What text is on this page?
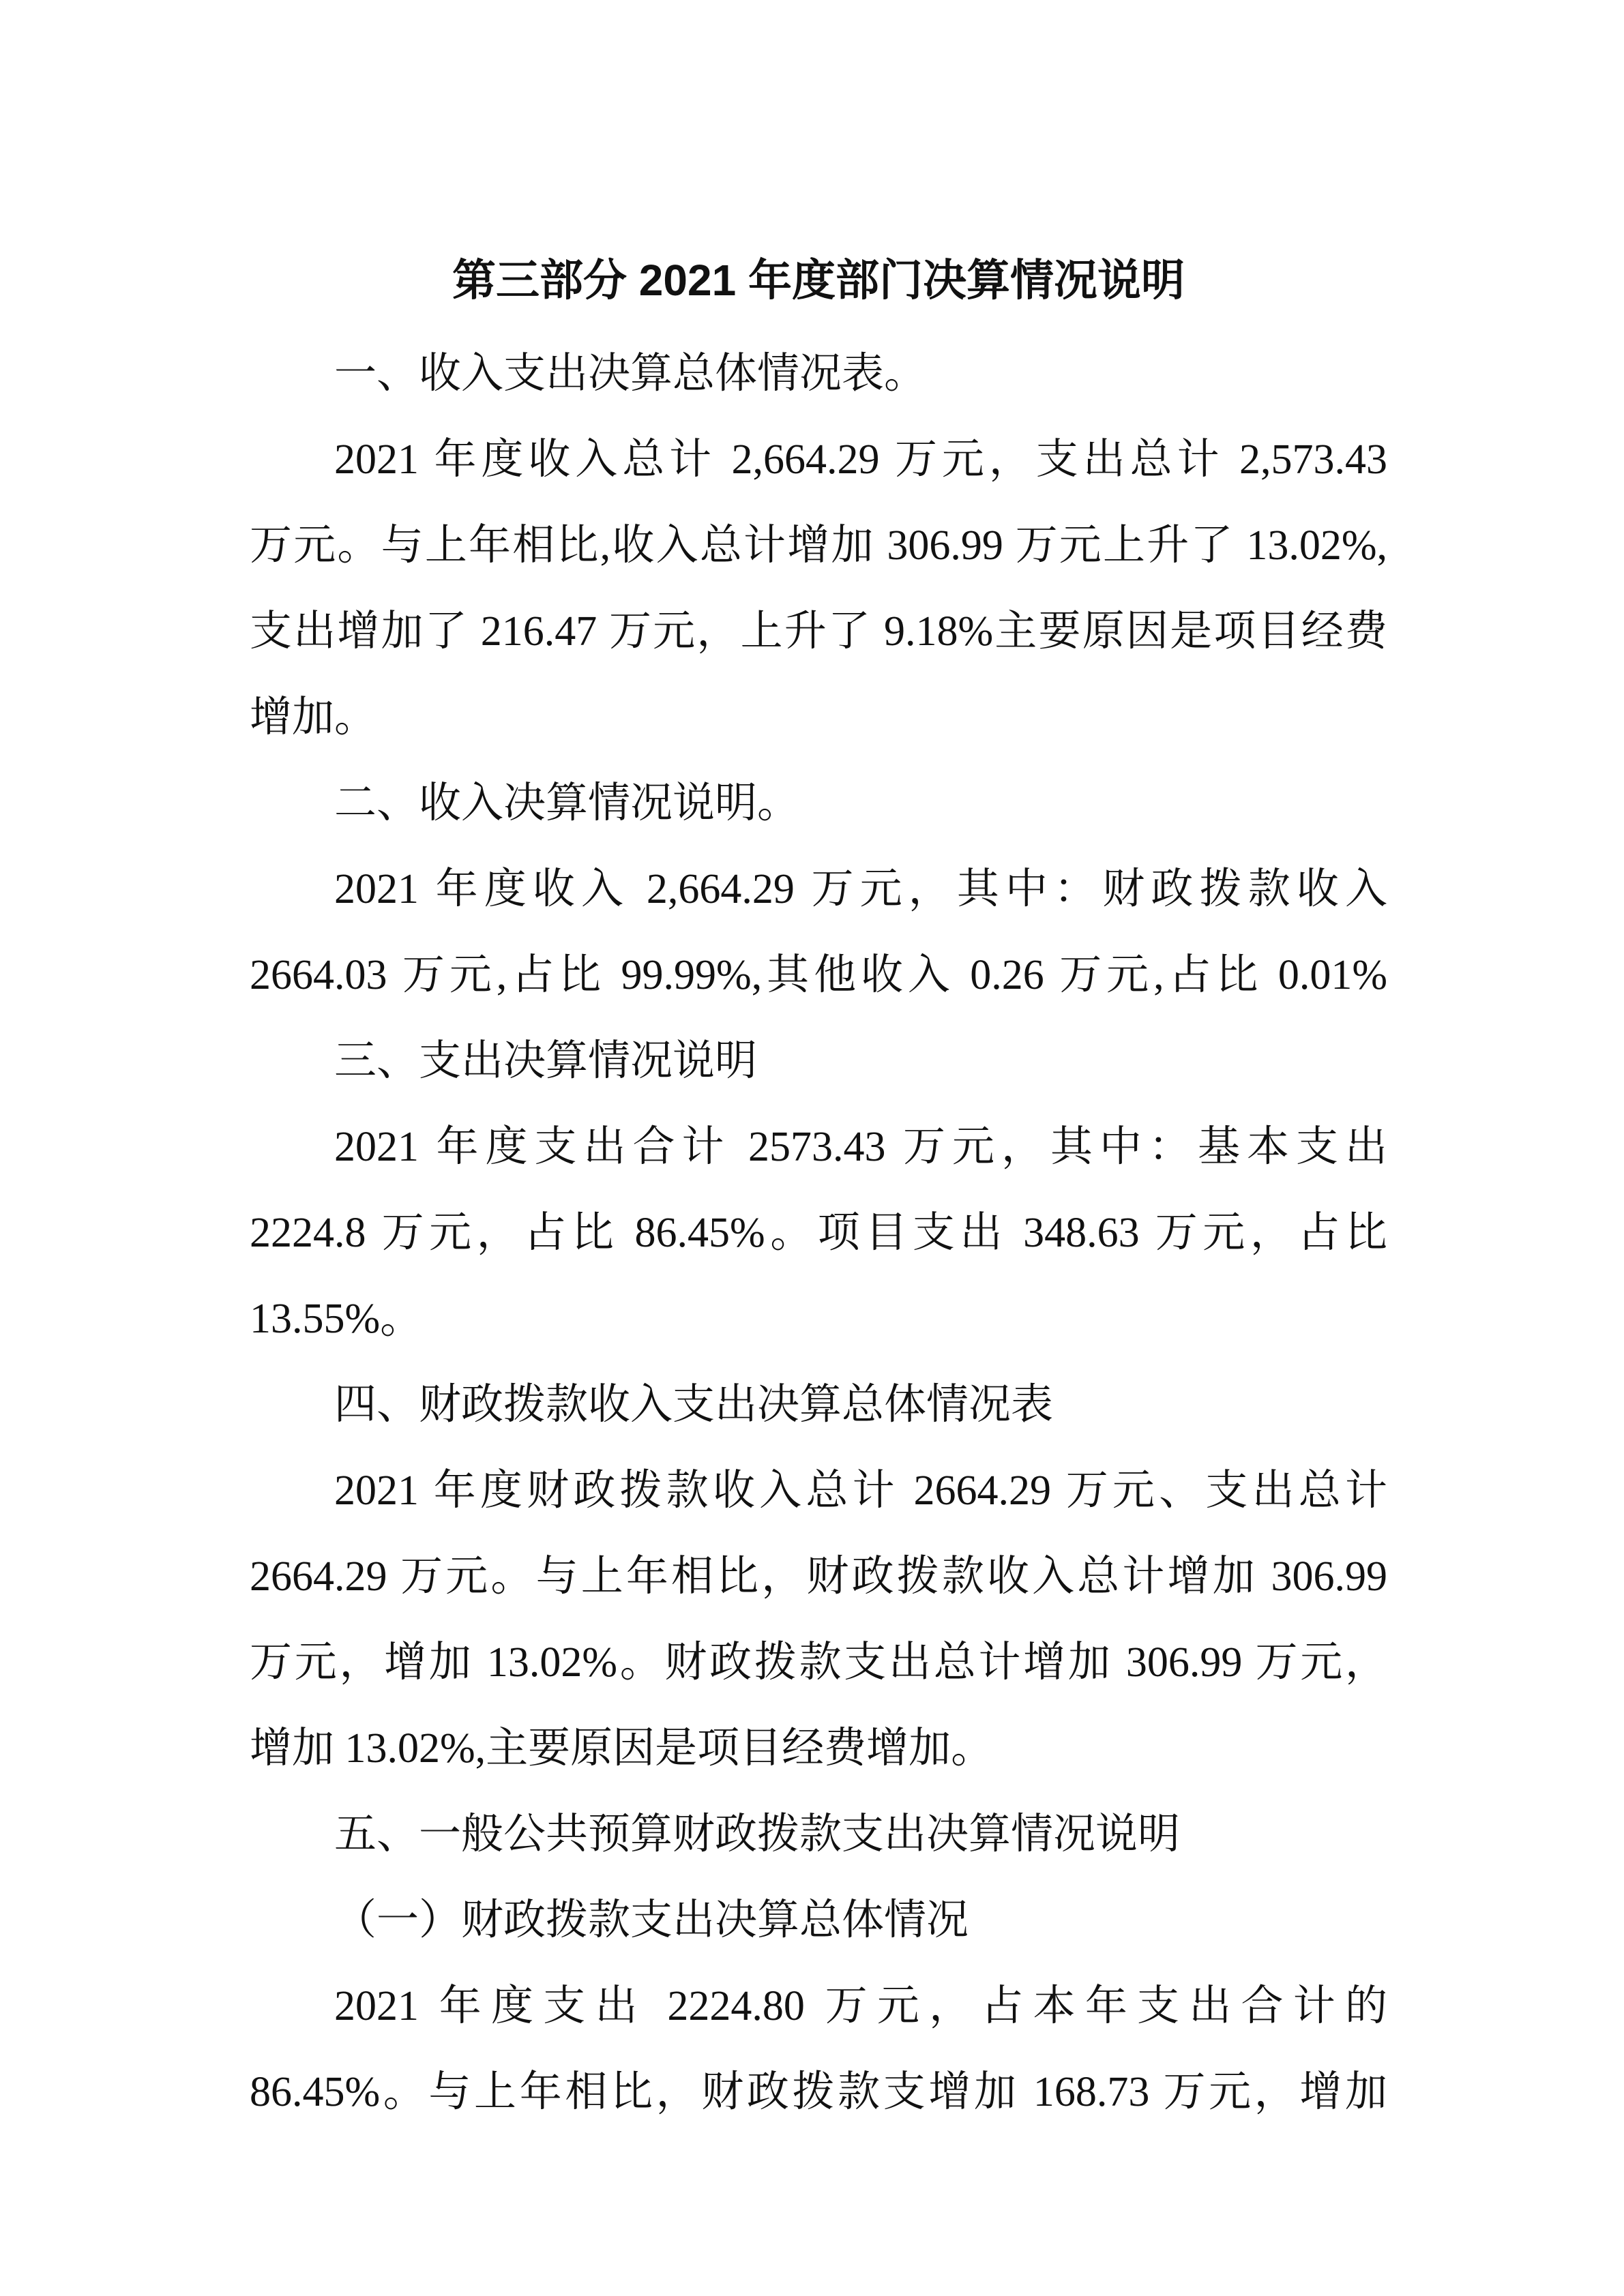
第三部分 2021 年度部门决算情况说明
一、收入支出决算总体情况表。
2021 年度收入总计 2,664.29 万元，支出总计 2,573.43
万元。与上年相比,收入总计增加 306.99 万元上升了 13.02%,
支出增加了 216.47 万元，上升了 9.18%主要原因是项目经费
增加。
二、收入决算情况说明。
2021 年度收入 2,664.29 万元，其中：财政拨款收入
2664.03 万元,占比 99.99%,其他收入 0.26 万元,占比 0.01%
三、支出决算情况说明
2021 年度支出合计 2573.43 万元，其中：基本支出
2224.8 万元，占比 86.45%。项目支出 348.63 万元，占比
13.55%。
四、财政拨款收入支出决算总体情况表
2021 年度财政拨款收入总计 2664.29 万元、支出总计
2664.29 万元。与上年相比，财政拨款收入总计增加 306.99
万元，增加 13.02%。财政拨款支出总计增加 306.99 万元，
增加 13.02%,主要原因是项目经费增加。
五、一般公共预算财政拨款支出决算情况说明
（一）财政拨款支出决算总体情况
2021 年度支出 2224.80 万元，占本年支出合计的
86.45%。与上年相比，财政拨款支增加 168.73 万元，增加
